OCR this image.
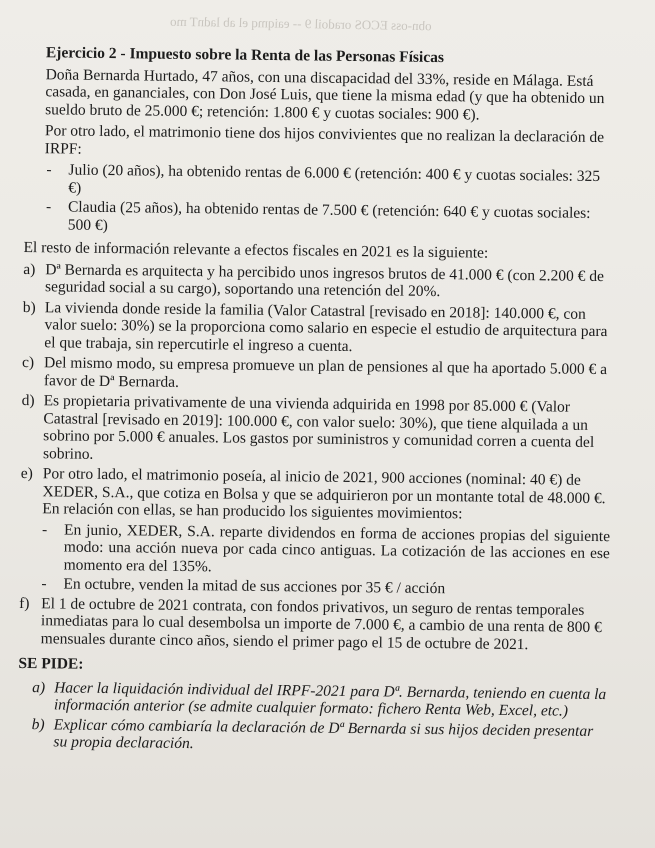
obn-oss ECOS oradoil 9 -- eaiqmq el ab ladnT mo

Ejercicio 2 - Impuesto sobre la Renta de las Personas Físicas

Doña Bernarda Hurtado, 47 años, con una discapacidad del 33%, reside en Málaga. Está casada, en gananciales, con Don José Luis, que tiene la misma edad (y que ha obtenido un sueldo bruto de 25.000 €; retención: 1.800 € y cuotas sociales: 900 €).

Por otro lado, el matrimonio tiene dos hijos convivientes que no realizan la declaración de IRPF:

-	Julio (20 años), ha obtenido rentas de 6.000 € (retención: 400 € y cuotas sociales: 325 €)
-	Claudia (25 años), ha obtenido rentas de 7.500 € (retención: 640 € y cuotas sociales: 500 €)

El resto de información relevante a efectos fiscales en 2021 es la siguiente:

a) Dª Bernarda es arquitecta y ha percibido unos ingresos brutos de 41.000 € (con 2.200 € de seguridad social a su cargo), soportando una retención del 20%.
b) La vivienda donde reside la familia (Valor Catastral [revisado en 2018]: 140.000 €, con valor suelo: 30%) se la proporciona como salario en especie el estudio de arquitectura para el que trabaja, sin repercutirle el ingreso a cuenta.
c) Del mismo modo, su empresa promueve un plan de pensiones al que ha aportado 5.000 € a favor de Dª Bernarda.
d) Es propietaria privativamente de una vivienda adquirida en 1998 por 85.000 € (Valor Catastral [revisado en 2019]: 100.000 €, con valor suelo: 30%), que tiene alquilada a un sobrino por 5.000 € anuales. Los gastos por suministros y comunidad corren a cuenta del sobrino.
e) Por otro lado, el matrimonio poseía, al inicio de 2021, 900 acciones (nominal: 40 €) de XEDER, S.A., que cotiza en Bolsa y que se adquirieron por un montante total de 48.000 €. En relación con ellas, se han producido los siguientes movimientos:
-	En junio, XEDER, S.A. reparte dividendos en forma de acciones propias del siguiente modo: una acción nueva por cada cinco antiguas. La cotización de las acciones en ese momento era del 135%.
-	En octubre, venden la mitad de sus acciones por 35 € / acción
f) El 1 de octubre de 2021 contrata, con fondos privativos, un seguro de rentas temporales inmediatas para lo cual desembolsa un importe de 7.000 €, a cambio de una renta de 800 € mensuales durante cinco años, siendo el primer pago el 15 de octubre de 2021.

SE PIDE:

a) Hacer la liquidación individual del IRPF-2021 para Dª. Bernarda, teniendo en cuenta la información anterior (se admite cualquier formato: fichero Renta Web, Excel, etc.)
b) Explicar cómo cambiaría la declaración de Dª Bernarda si sus hijos deciden presentar su propia declaración.
